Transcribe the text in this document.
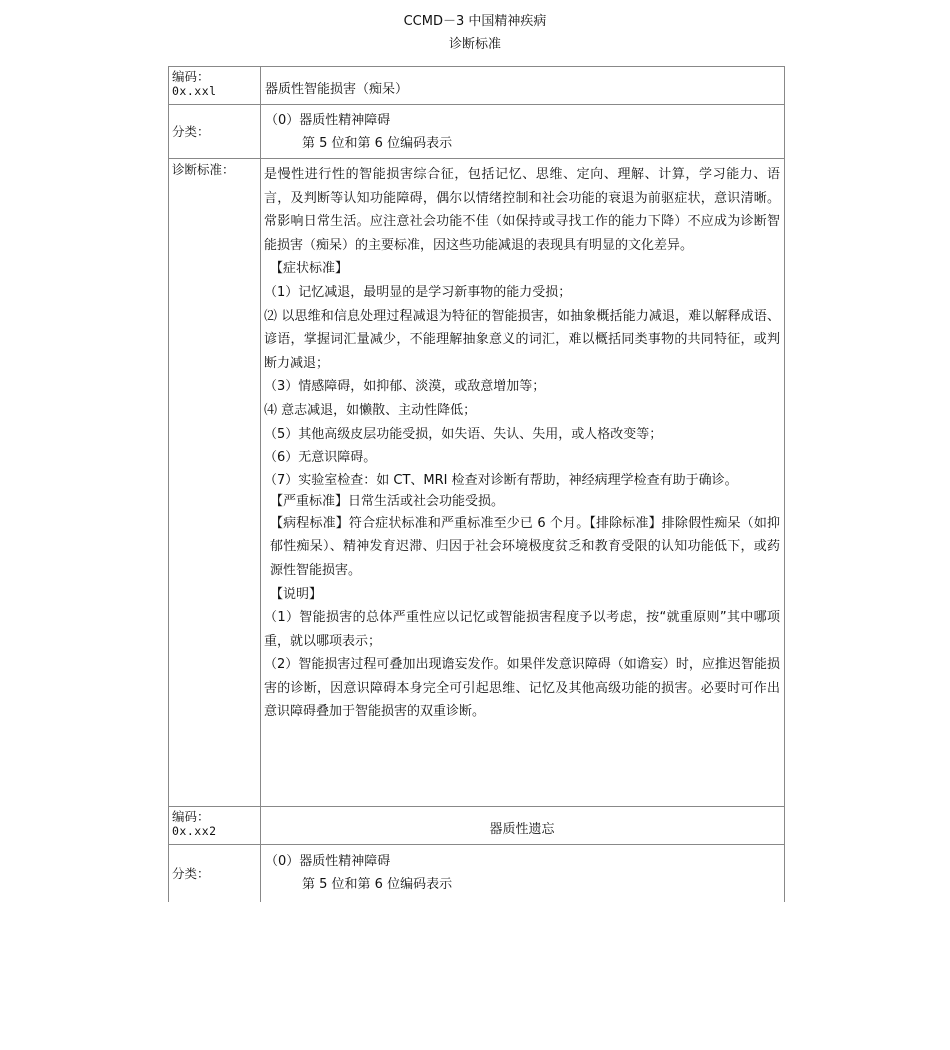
CCMD－3 中国精神疾病
诊断标准
编码：
0x.xxl	器质性智能损害（痴呆）
分类：
（0）器质性精神障碍
第 5 位和第 6 位编码表示
诊断标准： 是慢性进行性的智能损害综合征，包括记忆、思维、定向、理解、计算，学习能力、语言，及判断等认知功能障碍，偶尔以情绪控制和社会功能的衰退为前驱症状，意识清晰。常影响日常生活。应注意社会功能不佳（如保持或寻找工作的能力下降）不应成为诊断智能损害（痴呆）的主要标准，因这些功能减退的表现具有明显的文化差异。

【症状标准】

（1）记忆减退，最明显的是学习新事物的能力受损；

⑵ 以思维和信息处理过程减退为特征的智能损害，如抽象概括能力减退，难以解释成语、谚语，掌握词汇量减少，不能理解抽象意义的词汇，难以概括同类事物的共同特征，或判断力减退；

（3）情感障碍，如抑郁、淡漠，或敌意增加等；

⑷ 意志减退，如懒散、主动性降低；

（5）其他高级皮层功能受损，如失语、失认、失用，或人格改变等；

（6）无意识障碍。

（7）实验室检查：如 CT、MRI 检查对诊断有帮助，神经病理学检查有助于确诊。

【严重标准】日常生活或社会功能受损。

【病程标准】符合症状标准和严重标准至少已 6 个月。【排除标准】排除假性痴呆（如抑郁性痴呆）、精神发育迟滞、归因于社会环境极度贫乏和教育受限的认知功能低下，或药源性智能损害。

【说明】

（1）智能损害的总体严重性应以记忆或智能损害程度予以考虑，按“就重原则”其中哪项重，就以哪项表示；

（2）智能损害过程可叠加出现谵妄发作。如果伴发意识障碍（如谵妄）时，应推迟智能损害的诊断，因意识障碍本身完全可引起思维、记忆及其他高级功能的损害。必要时可作出意识障碍叠加于智能损害的双重诊断。

编码：
0x.xx2	器质性遗忘
分类：
（0）器质性精神障碍
第 5 位和第 6 位编码表示
